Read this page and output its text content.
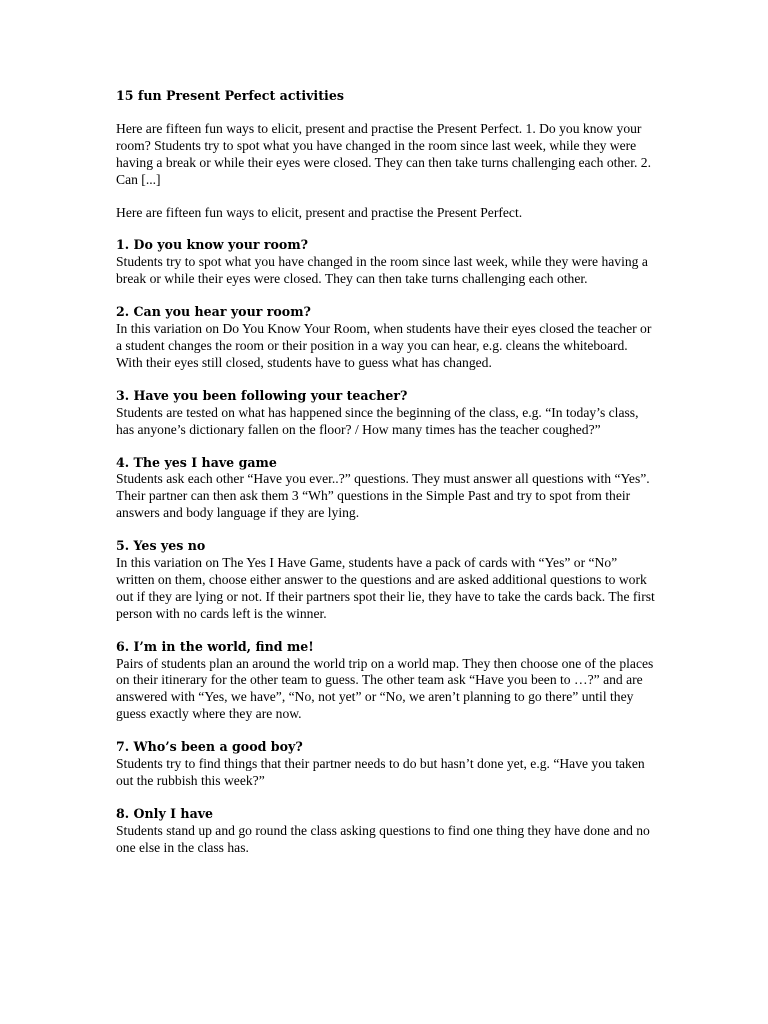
15 fun Present Perfect activities

Here are fifteen fun ways to elicit, present and practise the Present Perfect. 1. Do you know your room? Students try to spot what you have changed in the room since last week, while they were having a break or while their eyes were closed. They can then take turns challenging each other. 2. Can [...]

Here are fifteen fun ways to elicit, present and practise the Present Perfect.

1. Do you know your room?

Students try to spot what you have changed in the room since last week, while they were having a break or while their eyes were closed. They can then take turns challenging each other.

2. Can you hear your room?

In this variation on Do You Know Your Room, when students have their eyes closed the teacher or a student changes the room or their position in a way you can hear, e.g. cleans the whiteboard. With their eyes still closed, students have to guess what has changed.

3. Have you been following your teacher?

Students are tested on what has happened since the beginning of the class, e.g. “In today’s class, has anyone’s dictionary fallen on the floor? / How many times has the teacher coughed?”

4. The yes I have game

Students ask each other “Have you ever..?” questions. They must answer all questions with “Yes”. Their partner can then ask them 3 “Wh” questions in the Simple Past and try to spot from their answers and body language if they are lying.

5. Yes yes no

In this variation on The Yes I Have Game, students have a pack of cards with “Yes” or “No” written on them, choose either answer to the questions and are asked additional questions to work out if they are lying or not. If their partners spot their lie, they have to take the cards back. The first person with no cards left is the winner.

6. I’m in the world, find me!

Pairs of students plan an around the world trip on a world map. They then choose one of the places on their itinerary for the other team to guess. The other team ask “Have you been to …?” and are answered with “Yes, we have”, “No, not yet” or “No, we aren’t planning to go there” until they guess exactly where they are now.

7. Who’s been a good boy?

Students try to find things that their partner needs to do but hasn’t done yet, e.g. “Have you taken out the rubbish this week?”

8. Only I have

Students stand up and go round the class asking questions to find one thing they have done and no one else in the class has.
